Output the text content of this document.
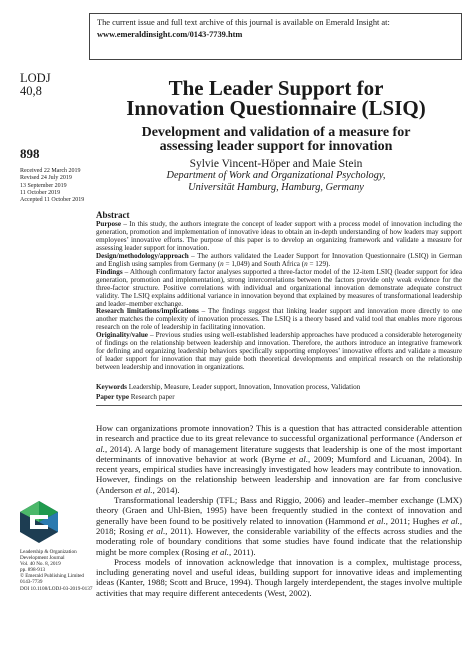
The current issue and full text archive of this journal is available on Emerald Insight at:
www.emeraldinsight.com/0143-7739.htm
LODJ
40,8
898
Received 22 March 2019
Revised 24 July 2019
13 September 2019
11 October 2019
Accepted 11 October 2019
The Leader Support for
Innovation Questionnaire (LSIQ)
Development and validation of a measure for
assessing leader support for innovation
Sylvie Vincent-Höper and Maie Stein
Department of Work and Organizational Psychology,
Universität Hamburg, Hamburg, Germany
Abstract
Purpose – In this study, the authors integrate the concept of leader support with a process model of innovation including the generation, promotion and implementation of innovative ideas to obtain an in-depth understanding of how leaders may support employees’ innovative efforts. The purpose of this paper is to develop an organizing framework and validate a measure for assessing leader support for innovation.
Design/methodology/approach – The authors validated the Leader Support for Innovation Questionnaire (LSIQ) in German and English using samples from Germany (n = 1,049) and South Africa (n = 129).
Findings – Although confirmatory factor analyses supported a three-factor model of the 12-item LSIQ (leader support for idea generation, promotion and implementation), strong intercorrelations between the factors provide only weak evidence for the three-factor structure. Positive correlations with individual and organizational innovation demonstrate adequate construct validity. The LSIQ explains additional variance in innovation beyond that explained by measures of transformational leadership and leader–member exchange.
Research limitations/implications – The findings suggest that linking leader support and innovation more directly to one another matches the complexity of innovation processes. The LSIQ is a theory based and valid tool that enables more rigorous research on the role of leadership in facilitating innovation.
Originality/value – Previous studies using well-established leadership approaches have produced a considerable heterogeneity of findings on the relationship between leadership and innovation. Therefore, the authors introduce an integrative framework for defining and organizing leadership behaviors specifically supporting employees’ innovative efforts and validate a measure of leader support for innovation that may guide both theoretical developments and empirical research on the relationship between leadership and innovation in organizations.
Keywords Leadership, Measure, Leader support, Innovation, Innovation process, Validation
Paper type Research paper

How can organizations promote innovation? This is a question that has attracted considerable attention in research and practice due to its great relevance to successful organizational performance (Anderson et al., 2014). A large body of management literature suggests that leadership is one of the most important determinants of innovative behavior at work (Byrne et al., 2009; Mumford and Licuanan, 2004). In recent years, empirical studies have increasingly investigated how leaders may contribute to innovation. However, findings on the relationship between leadership and innovation are far from conclusive (Anderson et al., 2014).

Transformational leadership (TFL; Bass and Riggio, 2006) and leader–member exchange (LMX) theory (Graen and Uhl-Bien, 1995) have been frequently studied in the context of innovation and generally have been found to be positively related to innovation (Hammond et al., 2011; Hughes et al., 2018; Rosing et al., 2011). However, the considerable variability of the effects across studies and the moderating role of boundary conditions that some studies have found indicate that the relationship might be more complex (Rosing et al., 2011).

Process models of innovation acknowledge that innovation is a complex, multistage process, including generating novel and useful ideas, building support for innovative ideas and implementing ideas (Kanter, 1988; Scott and Bruce, 1994). Though largely interdependent, the stages involve multiple activities that may require different antecedents (West, 2002).

Leadership & Organization
Development Journal
Vol. 40 No. 8, 2019
pp. 898-913
© Emerald Publishing Limited
0143-7739
DOI 10.1108/LODJ-03-2019-0137
